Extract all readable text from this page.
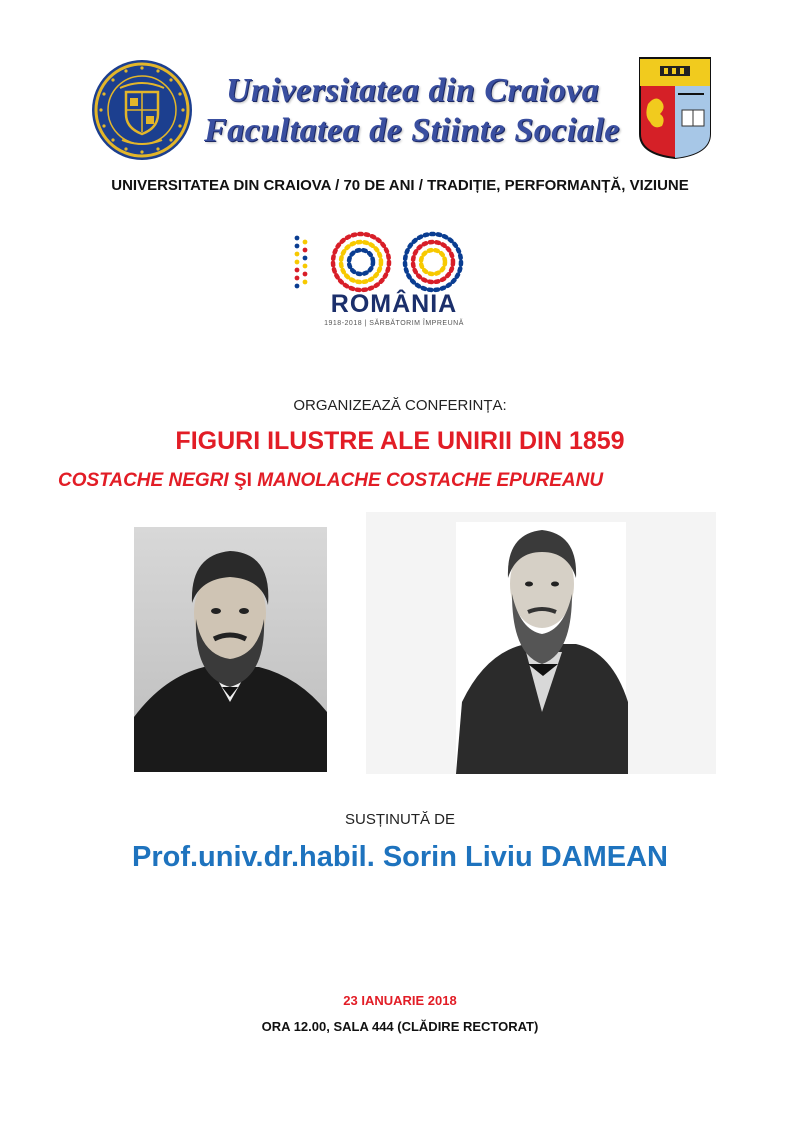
Universitatea din Craiova
Facultatea de Stiinte Sociale
UNIVERSITATEA DIN CRAIOVA / 70 DE ANI / TRADIȚIE, PERFORMANȚĂ, VIZIUNE
ROMÂNIA
1918-2018 | SĂRBĂTORIM ÎMPREUNĂ
ORGANIZEAZĂ CONFERINȚA:
FIGURI ILUSTRE ALE UNIRII DIN 1859
COSTACHE NEGRI ŞI MANOLACHE COSTACHE EPUREANU
SUSȚINUTĂ DE
Prof.univ.dr.habil. Sorin Liviu DAMEAN
23 IANUARIE 2018
ORA 12.00, SALA 444 (CLĂDIRE RECTORAT)
